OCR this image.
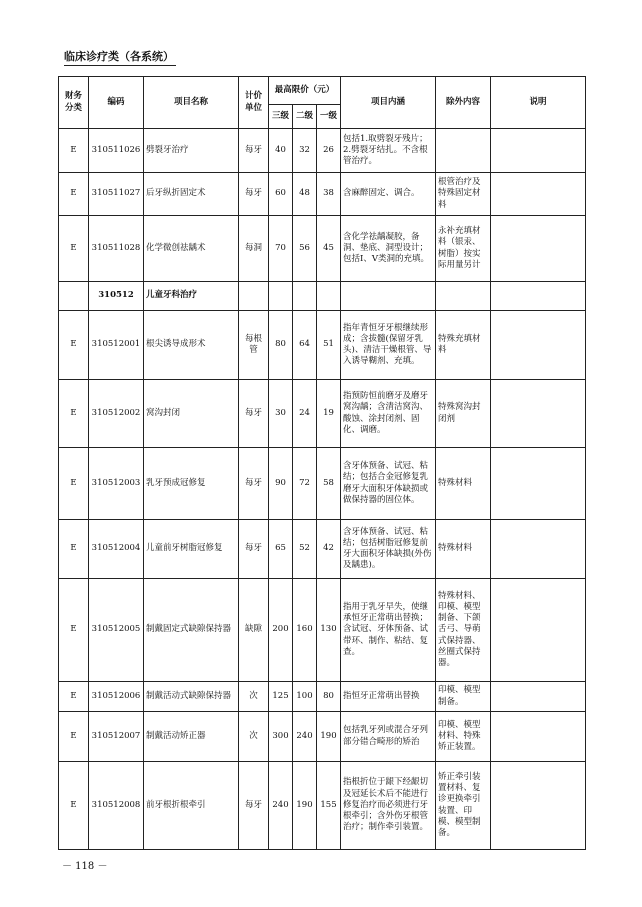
临床诊疗类（各系统）
财务分类	编码	项目名称	计价单位	最高限价（元）			项目内涵	除外内容	说明
				三级	二级	一级			
E	310511026	劈裂牙治疗	每牙	40	32	26	包括1.取劈裂牙残片；2.劈裂牙结扎。不含根管治疗。		
E	310511027	后牙纵折固定术	每牙	60	48	38	含麻醉固定、调合。	根管治疗及特殊固定材料	
E	310511028	化学微创祛龋术	每洞	70	56	45	含化学祛龋凝胶，备洞、垫底、洞型设计；包括Ⅰ、Ⅴ类洞的充填。	永补充填材料（银汞、树脂）按实际用量另计	
	310512	儿童牙科治疗							
E	310512001	根尖诱导成形术	每根管	80	64	51	指年青恒牙牙根继续形成；含拔髓(保留牙乳头)、清洁干燥根管、导入诱导糊剂、充填。	特殊充填材料	
E	310512002	窝沟封闭	每牙	30	24	19	指预防恒前磨牙及磨牙窝沟龋；含清洁窝沟、酸蚀、涂封闭剂、固化、调磨。	特殊窝沟封闭剂	
E	310512003	乳牙预成冠修复	每牙	90	72	58	含牙体预备、试冠、粘结；包括合金冠修复乳磨牙大面积牙体缺损或做保持器的固位体。	特殊材料	
E	310512004	儿童前牙树脂冠修复	每牙	65	52	42	含牙体预备、试冠、粘结；包括树脂冠修复前牙大面积牙体缺损(外伤及龋患)。	特殊材料	
E	310512005	制戴固定式缺隙保持器	缺隙	200	160	130	指用于乳牙早失，使继承恒牙正常萌出替换；含试冠、牙体预备、试带环、制作、粘结、复查。	特殊材料、印模、模型制备、下颌舌弓、导萌式保持器、丝圈式保持器。	
E	310512006	制戴活动式缺隙保持器	次	125	100	80	指恒牙正常萌出替换	印模、模型制备。	
E	310512007	制戴活动矫正器	次	300	240	190	包括乳牙列或混合牙列部分错合畸形的矫治	印模、模型材料、特殊矫正装置。	
E	310512008	前牙根折根牵引	每牙	240	190	155	指根折位于龈下经龈切及冠延长术后不能进行修复治疗而必须进行牙根牵引；含外伤牙根管治疗；制作牵引装置。	矫正牵引装置材料、复诊更换牵引装置、印模、模型制备。	
－ 118 －
